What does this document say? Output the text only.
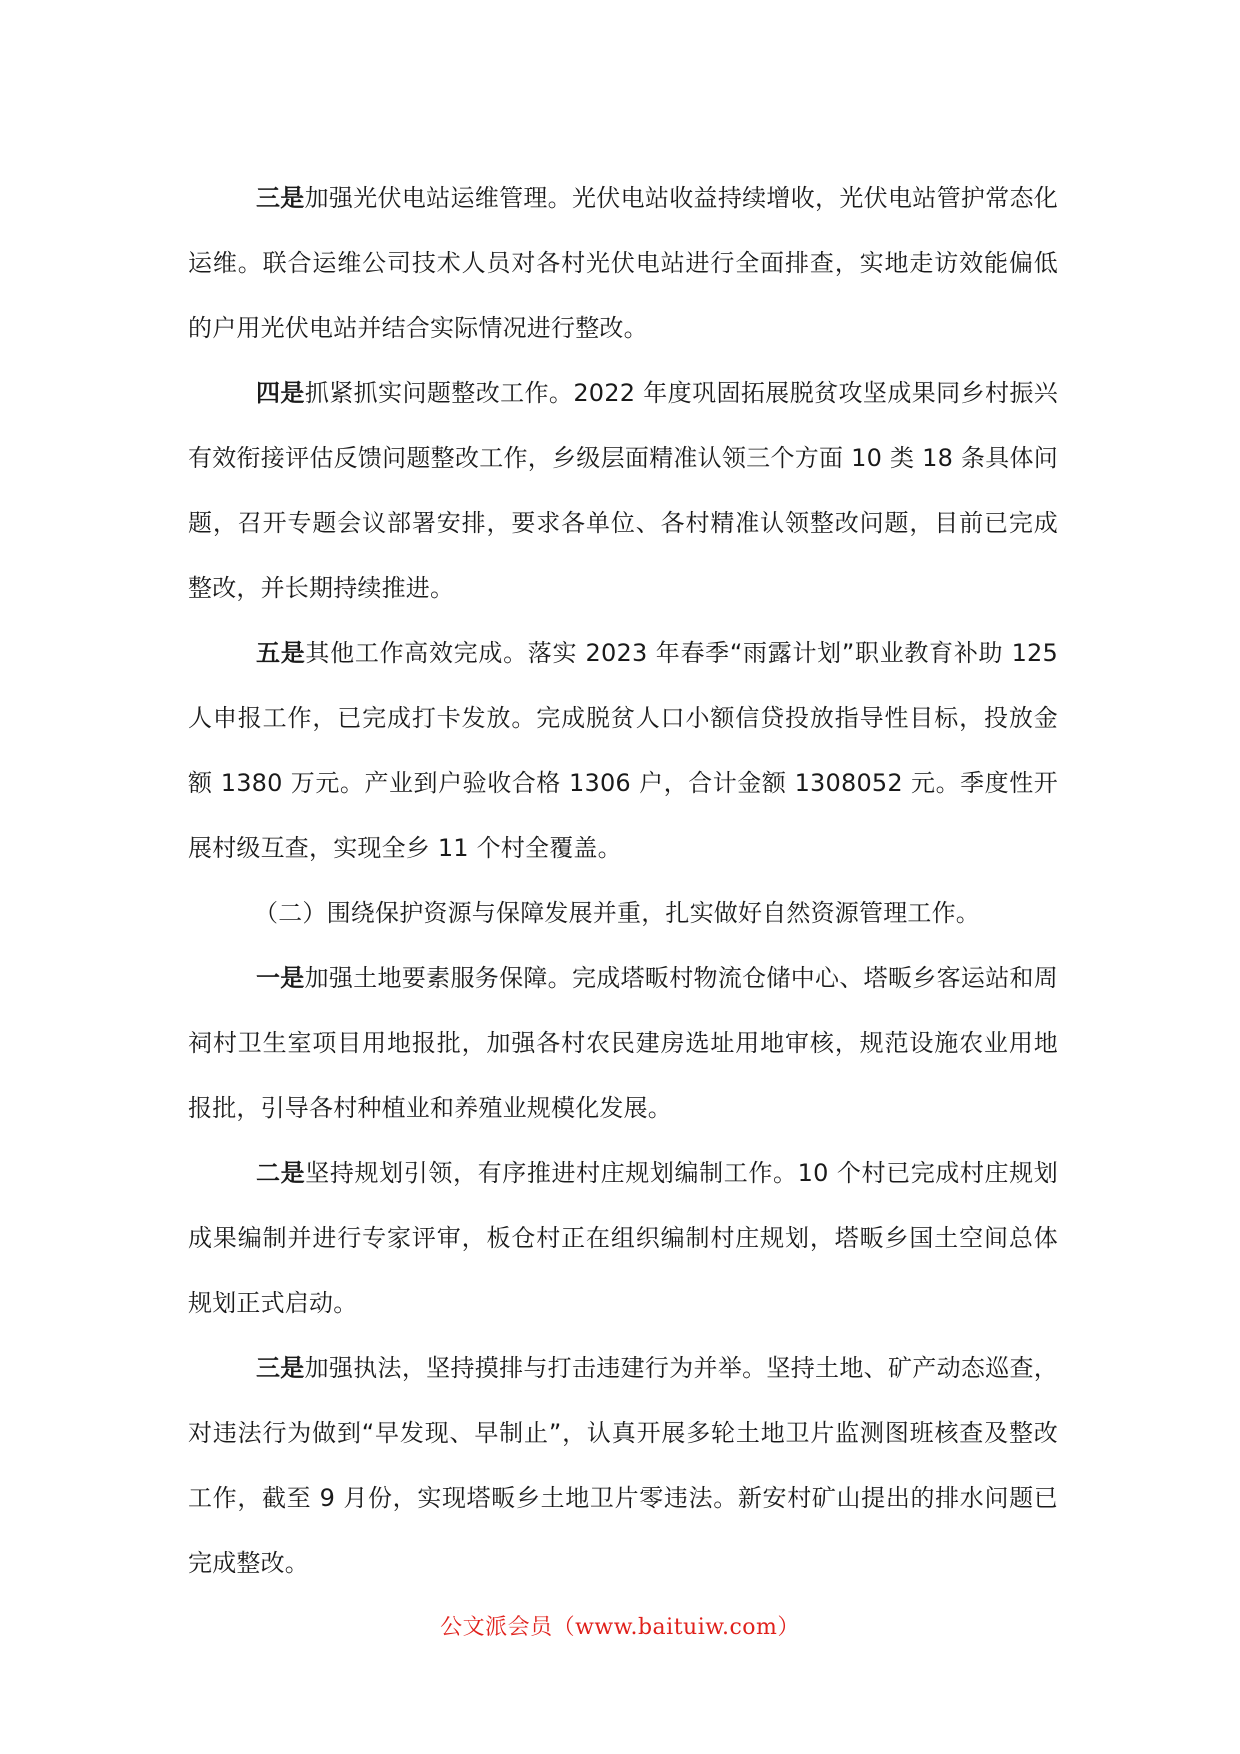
三是加强光伏电站运维管理。光伏电站收益持续增收，光伏电站管护常态化运维。联合运维公司技术人员对各村光伏电站进行全面排查，实地走访效能偏低的户用光伏电站并结合实际情况进行整改。

四是抓紧抓实问题整改工作。2022 年度巩固拓展脱贫攻坚成果同乡村振兴有效衔接评估反馈问题整改工作，乡级层面精准认领三个方面 10 类 18 条具体问题，召开专题会议部署安排，要求各单位、各村精准认领整改问题，目前已完成整改，并长期持续推进。

五是其他工作高效完成。落实 2023 年春季“雨露计划”职业教育补助 125 人申报工作，已完成打卡发放。完成脱贫人口小额信贷投放指导性目标，投放金额 1380 万元。产业到户验收合格 1306 户，合计金额 1308052 元。季度性开展村级互查，实现全乡 11 个村全覆盖。

（二）围绕保护资源与保障发展并重，扎实做好自然资源管理工作。

一是加强土地要素服务保障。完成塔畈村物流仓储中心、塔畈乡客运站和周祠村卫生室项目用地报批，加强各村农民建房选址用地审核，规范设施农业用地报批，引导各村种植业和养殖业规模化发展。

二是坚持规划引领，有序推进村庄规划编制工作。10 个村已完成村庄规划成果编制并进行专家评审，板仓村正在组织编制村庄规划，塔畈乡国土空间总体规划正式启动。

三是加强执法，坚持摸排与打击违建行为并举。坚持土地、矿产动态巡查，对违法行为做到“早发现、早制止”，认真开展多轮土地卫片监测图班核查及整改工作，截至 9 月份，实现塔畈乡土地卫片零违法。新安村矿山提出的排水问题已完成整改。

公文派会员（www.baituiw.com）
